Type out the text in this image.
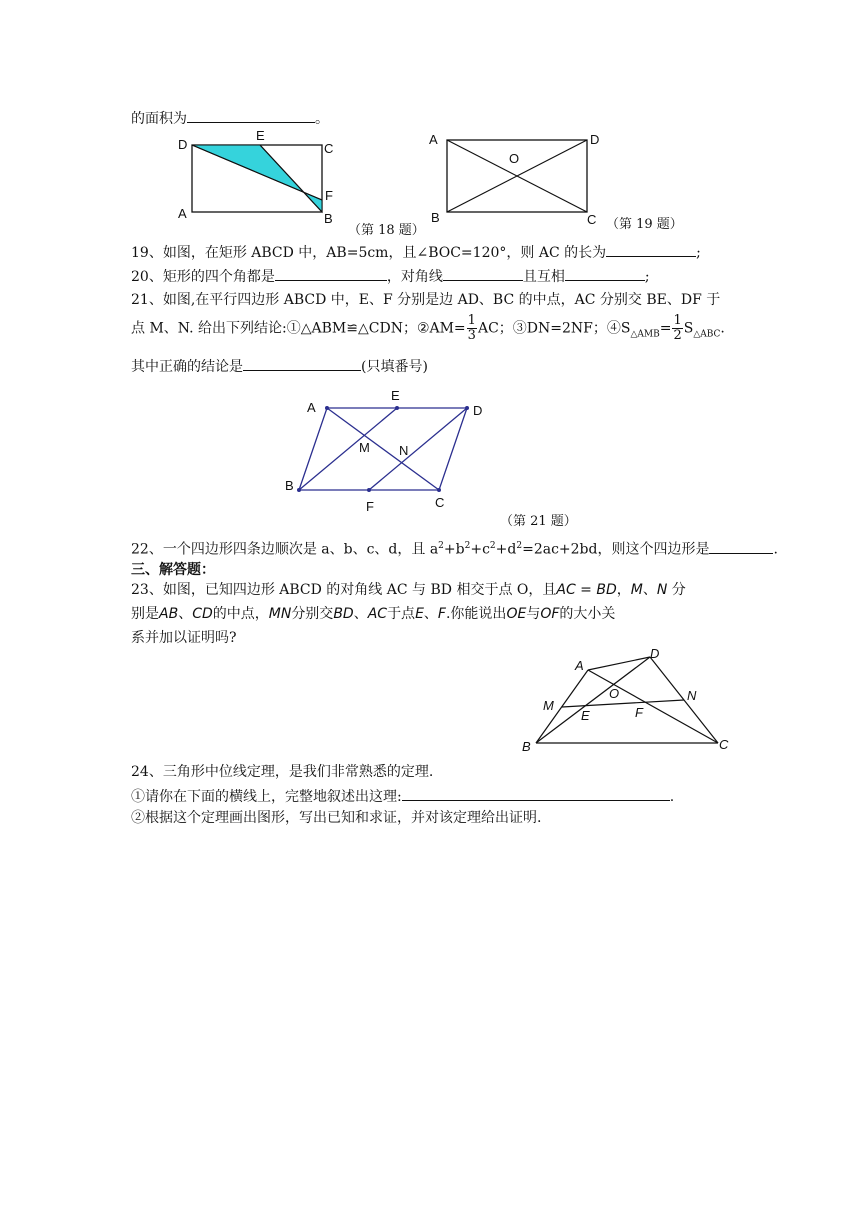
的面积为	。
D
E
C
F
A	B
（第 18 题）
A	D
O
B	C （第 19 题）
19、如图，在矩形 ABCD 中，AB=5cm，且∠BOC=120°，则 AC 的长为	;
20、矩形的四个角都是	，对角线	且互相	;
21、如图,在平行四边形 ABCD 中，E、F 分别是边 AD、BC 的中点，AC 分别交 BE、DF 于
点 M、N. 给出下列结论:①△ABM≌△CDN；②AM= $\frac{1}{3}$ AC；③DN=2NF；$④S_{\triangle AMB}= \frac{1}{2} S_{\triangle ABC}$.
其中正确的结论是	(只填番号)
A
E
D
M N
B
C
F
（第 21 题）
22、一个四边形四条边顺次是 a、b、c、d，且 $a^2+b^2+c^2+d^2=2ac+2bd$，则这个四边形是	.
三、解答题：
23、如图，已知四边形 ABCD 的对角线 AC 与 BD 相交于点 O，且AC = BD，M、N 分
别是AB、CD的中点，MN分别交BD、AC于点E、F.你能说出OE与OF的大小关
系并加以证明吗?
A
D
O
M
N
E	F
B	C
24、三角形中位线定理，是我们非常熟悉的定理.
①请你在下面的横线上，完整地叙述出这理:	.
②根据这个定理画出图形，写出已知和求证，并对该定理给出证明.
